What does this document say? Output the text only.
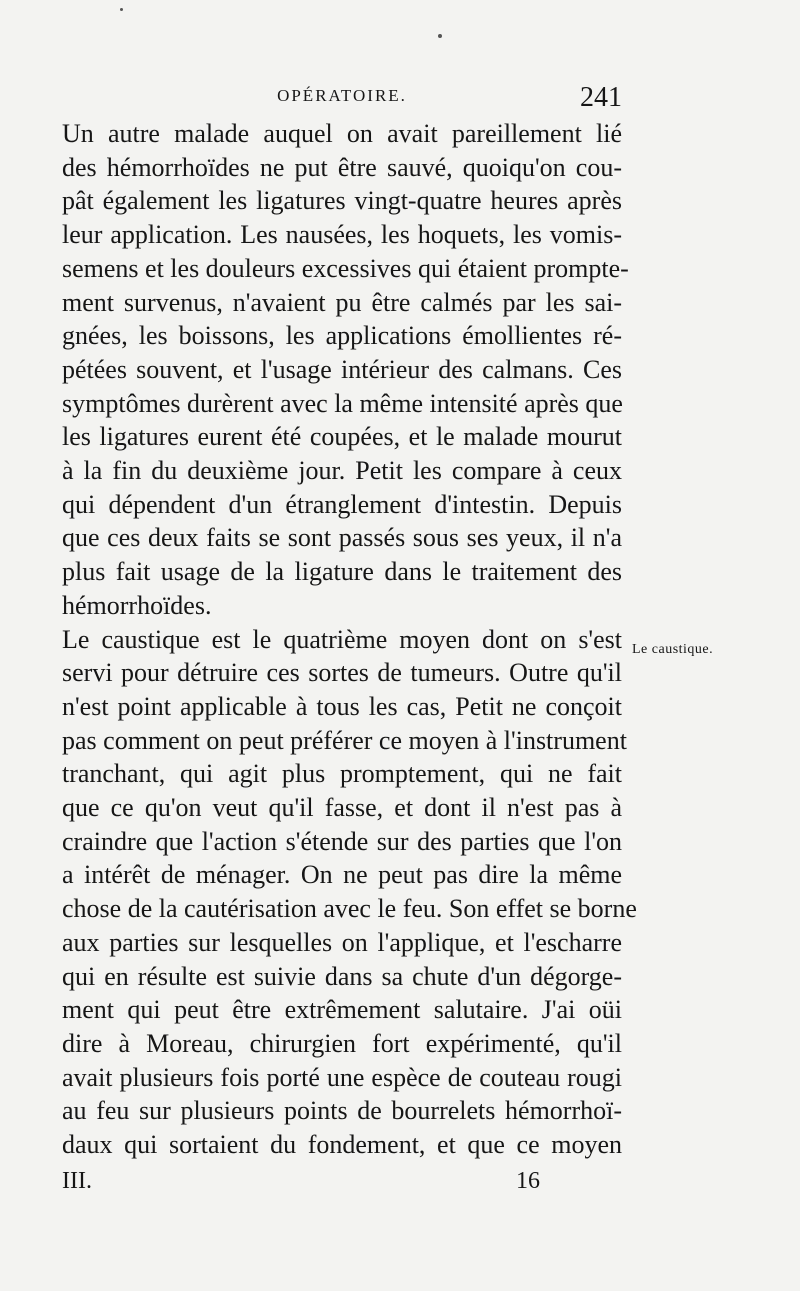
OPÉRATOIRE.	241
Un autre malade auquel on avait pareillement lié
des hémorrhoïdes ne put être sauvé, quoiqu'on cou-
pât également les ligatures vingt-quatre heures après
leur application. Les nausées, les hoquets, les vomis-
semens et les douleurs excessives qui étaient prompte-
ment survenus, n'avaient pu être calmés par les sai-
gnées, les boissons, les applications émollientes ré-
pétées souvent, et l'usage intérieur des calmans. Ces
symptômes durèrent avec la même intensité après que
les ligatures eurent été coupées, et le malade mourut
à la fin du deuxième jour. Petit les compare à ceux
qui dépendent d'un étranglement d'intestin. Depuis
que ces deux faits se sont passés sous ses yeux, il n'a
plus fait usage de la ligature dans le traitement des
hémorrhoïdes.
Le caustique est le quatrième moyen dont on s'est
servi pour détruire ces sortes de tumeurs. Outre qu'il
n'est point applicable à tous les cas, Petit ne conçoit
pas comment on peut préférer ce moyen à l'instrument
tranchant, qui agit plus promptement, qui ne fait
que ce qu'on veut qu'il fasse, et dont il n'est pas à
craindre que l'action s'étende sur des parties que l'on
a intérêt de ménager. On ne peut pas dire la même
chose de la cautérisation avec le feu. Son effet se borne
aux parties sur lesquelles on l'applique, et l'escharre
qui en résulte est suivie dans sa chute d'un dégorge-
ment qui peut être extrêmement salutaire. J'ai oüi
dire à Moreau, chirurgien fort expérimenté, qu'il
avait plusieurs fois porté une espèce de couteau rougi
au feu sur plusieurs points de bourrelets hémorrhoï-
daux qui sortaient du fondement, et que ce moyen
Le caustique.
III.	16
